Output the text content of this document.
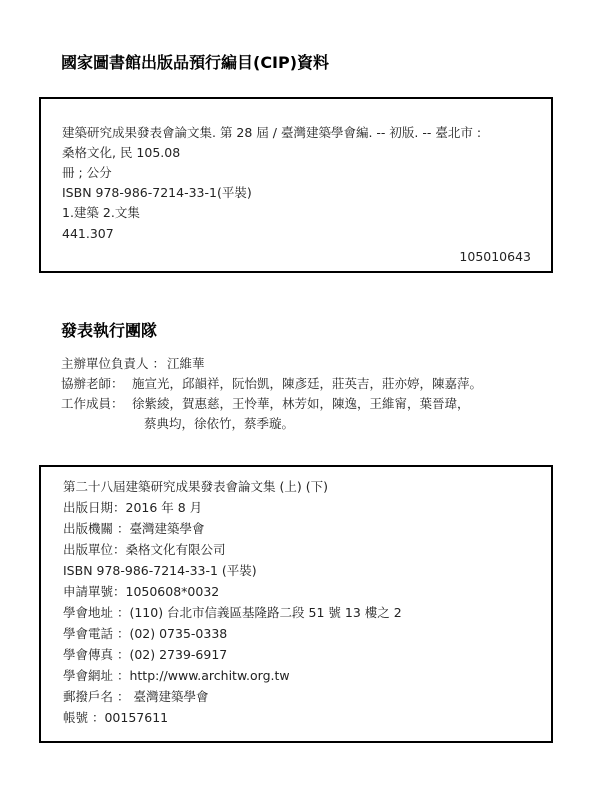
國家圖書館出版品預行編目(CIP)資料
建築研究成果發表會論文集. 第 28 屆 / 臺灣建築學會編. -- 初版. -- 臺北市 :
桑格文化, 民 105.08
冊 ; 公分
ISBN 978-986-7214-33-1(平裝)
1.建築 2.文集
441.307
105010643
發表執行團隊
主辦單位負責人 ： 江維華
協辦老師： 施宣光，邱韻祥，阮怡凱，陳彥廷，莊英吉，莊亦婷，陳嘉萍。
工作成員： 徐紫綾，賀惠慈，王怜華，林芳如，陳逸，王維甯，葉晉瑋，
蔡典均，徐依竹，蔡季璇。
第二十八屆建築研究成果發表會論文集 (上) (下)
出版日期：2016 年 8 月
出版機關 ：臺灣建築學會
出版單位：桑格文化有限公司
ISBN 978-986-7214-33-1 (平裝)
申請單號：1050608*0032
學會地址 ：(110) 台北市信義區基隆路二段 51 號 13 樓之 2
學會電話 ：(02) 0735-0338
學會傳真 ：(02) 2739-6917
學會網址 ：http://www.architw.org.tw
郵撥戶名 ： 臺灣建築學會
帳號 ：00157611
